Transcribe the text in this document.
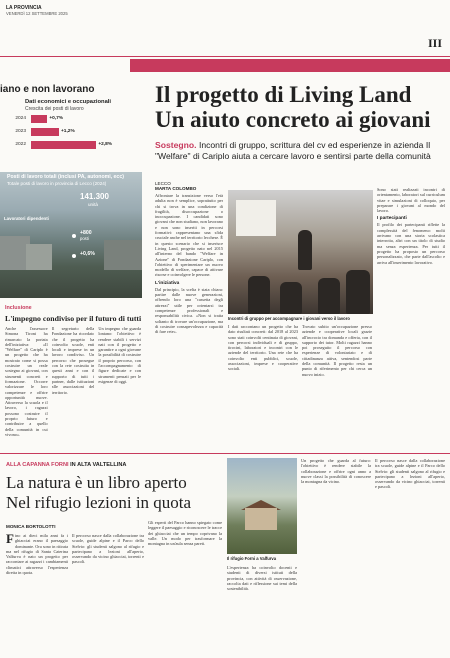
LA PROVINCIA
VENERDÌ 12 SETTEMBRE 2025
III
iano e non lavorano
Dati economici e occupazionali
Crescita dei posti di lavoro
2024	+0,7%
2023	+1,2%
2022	+2,8%
Posti di lavoro totali (inclusi PA, autonomi, ecc)
Totale posti di lavoro in provincia di Lecco (2024)
Lavoratori dipendenti
141.300
unità
+800
posti
+0,6%
Inclusione
L'impegno condiviso per il futuro di tutti
Anche l'assessore Simona Tironi ha rimarcato la portata dell'iniziativa: «Il "Welfare" di Cariplo è un progetto che ha mostrato come si possa costruire un reale sostegno ai giovani, con strumenti concreti e formazione. Occorre valorizzare le loro competenze e offrire opportunità nuove. Attraverso la scuola e il lavoro, i ragazzi possono costruire il proprio futuro e contribuire a quello della comunità in cui vivono».
Il segretario della Fondazione ha ricordato che il progetto ha coinvolto scuole, enti locali e imprese in un lavoro condiviso. Un percorso che prosegue con la rete costruita in questi anni e con il supporto di tutti i partner, dalle istituzioni alle associazioni del territorio.
Un impegno che guarda lontano: l'obiettivo è rendere stabili i servizi nati con il progetto e garantire a ogni giovane la possibilità di costruire il proprio percorso, con l'accompagnamento di figure dedicate e con strumenti pensati per le esigenze di oggi.
Il progetto di Living Land
Un aiuto concreto ai giovani
Sostegno. Incontri di gruppo, scrittura del cv ed esperienze in azienda Il "Welfare" di Cariplo aiuta a cercare lavoro e sentirsi parte della comunità
LECCO
MARTA COLOMBO
Affrontare la transizione verso l'età adulta non è semplice, soprattutto per chi si trova in una condizione di fragilità, disoccupazione o inoccupazione. I candidati sono giovani che non studiano, non lavorano e non sono inseriti in percorsi formativi: rappresentano una sfida cruciale anche nel territorio lecchese. È in questo scenario che si inserisce Living Land, progetto nato nel 2015 all'interno del bando "Welfare in Azione" di Fondazione Cariplo, con l'obiettivo di sperimentare un nuovo modello di welfare, capace di attivare risorse e coinvolgere le persone.
L'iniziativa
Dal principio, la scelta è stata chiara: partire dalle nuove generazioni, offrendo loro una "cassetta degli attrezzi" utile per orientarsi tra competenze professionali e responsabilità civica. «Non si tratta soltanto di trovare un'occupazione, ma di costruire consapevolezza e capacità di fare rete».
Incontri di gruppo per accompagnare i giovani verso il lavoro
I dati raccontano un progetto che ha dato risultati concreti: dal 2018 al 2023 sono stati coinvolti centinaia di giovani, con percorsi individuali e di gruppo, tirocini, laboratori e incontri con le aziende del territorio. Una rete che ha coinvolto enti pubblici, scuole, associazioni, imprese e cooperative sociali.
Trovato subito un'occupazione presso aziende e cooperative locali grazie all'incrocio tra domanda e offerta, con il supporto dei tutor. Molti ragazzi hanno poi proseguito il percorso con esperienze di volontariato e di cittadinanza attiva, sentendosi parte della comunità. Il progetto resta un punto di riferimento per chi cerca un nuovo inizio.
Sono stati realizzati incontri di orientamento, laboratori sul curriculum vitae e simulazioni di colloquio, per preparare i giovani al mondo del lavoro.
I partecipanti
Il profilo dei partecipanti riflette la complessità del fenomeno: molti arrivano con una storia scolastica interrotta, altri con un titolo di studio ma senza esperienza. Per tutti il progetto ha proposto un percorso personalizzato, che parte dall'ascolto e arriva all'inserimento lavorativo.
ALLA CAPANNA FORNI IN ALTA VALTELLINA
La natura è un libro aperto
Nel rifugio lezioni in quota
MONICA BORTOLOTTI
Fino ai dieci mila anni fa i ghiacciai erano il paesaggio dominante. Ora sono in ritirata ma nel rifugio di Santa Caterina Valfurva è nato un progetto per raccontare ai ragazzi i cambiamenti climatici attraverso l'esperienza diretta in quota.
Il percorso nasce dalla collaborazione tra scuole, guide alpine e il Parco dello Stelvio: gli studenti salgono al rifugio e partecipano a lezioni all'aperto, osservando da vicino ghiacciai, torrenti e pascoli.
Gli esperti del Parco hanno spiegato come leggere il paesaggio e riconoscere le tracce dei ghiacciai che un tempo coprivano la valle. Un modo per trasformare la montagna in un'aula senza pareti.
Il rifugio Forni a Valfurva
L'esperienza ha coinvolto docenti e studenti di diversi istituti della provincia, con attività di osservazione, raccolta dati e riflessione sui temi della sostenibilità.
Un progetto che guarda al futuro: l'obiettivo è rendere stabile la collaborazione e offrire ogni anno a nuove classi la possibilità di conoscere la montagna da vicino.
Il percorso nasce dalla collaborazione tra scuole, guide alpine e il Parco dello Stelvio: gli studenti salgono al rifugio e partecipano a lezioni all'aperto, osservando da vicino ghiacciai, torrenti e pascoli.
